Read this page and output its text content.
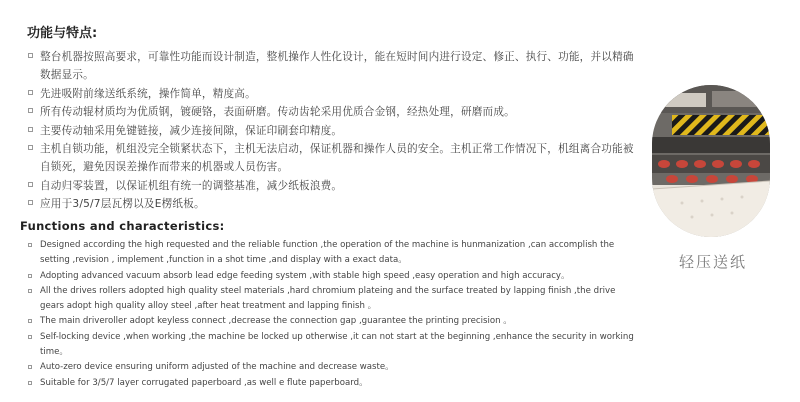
功能与特点:
整台机器按照高要求，可靠性功能而设计制造，整机操作人性化设计，能在短时间内进行设定、修正、执行、功能，并以精确数据显示。
先进吸附前缘送纸系统，操作简单，精度高。
所有传动辊材质均为优质钢，镀硬铬，表面研磨。传动齿轮采用优质合金钢，经热处理，研磨而成。
主要传动轴采用免键链接，减少连接间隙，保证印刷套印精度。
主机自锁功能，机组没完全锁紧状态下，主机无法启动，保证机器和操作人员的安全。主机正常工作情况下，机组离合功能被自锁死，避免因误差操作而带来的机器或人员伤害。
自动归零装置，以保证机组有统一的调整基准，减少纸板浪费。
应用于3/5/7层瓦楞以及E楞纸板。
Functions and characteristics:
Designed according the high requested and the reliable function ,the operation of the machine is hunmanization ,can accomplish the setting ,revision , implement ,function in a shot time ,and display with a exact data。
Adopting advanced vacuum absorb lead edge feeding system ,with stable high speed ,easy operation and high accuracy。
All the drives rollers adopted high quality steel materials ,hard chromium plateing and the surface treated by lapping finish ,the drive gears adopt high quality alloy steel ,after heat treatment and lapping finish 。
The main driveroller adopt keyless connect ,decrease the connection gap ,guarantee the printing precision 。
Self-locking device ,when working ,the machine be locked up otherwise ,it can not start at the beginning ,enhance the security in working time。
Auto-zero device ensuring uniform adjusted of the machine and decrease waste。
Suitable for 3/5/7 layer corrugated paperboard ,as well e flute paperboard。
轻压送纸
